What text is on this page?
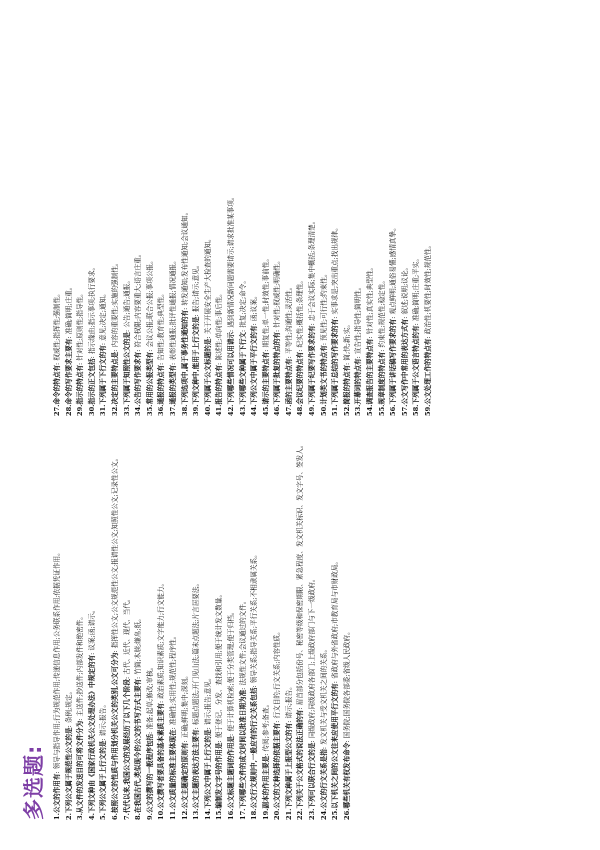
多选题:	1.公文的作用有: 领导与指导作用;行为规范作用;传递信息作用;公务联系作用;依据凭证作用。

2.下列公文属于规范性公文的是: 条例;规定。

3.从文件的发送目的可将文件分为: 主送件;抄送件;内部发件和绝密件。

4.下列文种由《国家行政机关公文处理办法》中规定的有: 议案;函;请示。

5.下列公文属于上行文的是: 请示;报告。

6.按照公文的性质与作用划分机关公文的类别,公文可分为: 指挥性公文;公文规范性公文;报请性公文;知照性公文;记录性公文。

7.代代以来,我国公文的发展经历了以下几个阶段: 古代、近代、现代、当代。

8.在我国古代,类似现今的公文的书写方式主要有: 竹简;木牍;缣帛;纸。

9.公文的撰写的一般程序包括: 准备;起草;修改;审核。

10.公文撰写者要具备的基本素质主要有: 政治素质;知识素质;文字能力;行文能力。

11.公文质量的标准主要体现在: 准确性;实用性;规范性;程序性。

12.公文主题确定的原则有: 正确;鲜明;集中;深刻。

13.公文主题的表达方法主要有: 标题点题法;开门见山法;篇末点题法;片言居要法。

14.下列公文中属于上行文的是: 请示;报告;意见。

15.编制发文字号的作用是: 便于登记、分发、查找和引用;便于统计发文数量。

16.公文标题主题词的作用是: 便于计算机检索;便于分类管理;便于归档。

17.下列哪些文件的成文时间以批准日期为准: 法规性文件;会议通过的文件。

18.公文行文规则中,一般应有的行文关系包括: 领导关系;指导关系;平行关系;不相隶属关系。

19.副本的作用主要是: 传阅;参考;备查。

20.公文的文种选择的依据主要有: 行文目的;行文关系;内容性质。

21.下列文种属于上报型公文的有: 请示;报告。

22.下列关于公文格式的说法正确的有: 眉首部分包括份号、秘密等级和保密期限、紧急程度、发文机关标识、发文字号、签发人。

23.下列可以联合行文的是: 同级政府;同级政府各部门;上级政府部门与下一级政府。

24.公文的行文关系是指: 发文机关与受文机关之间的关系。

25.以下机关之间的公文往来应使用平行文的有: 省政府与外省政府;市教育局与市财政局。

26.哪些机关有权发布命令: 国务院;国务院各部委;省级人民政府。

27.命令的特点有: 权威性;指挥性;强制性。

28.命令的写作要求主要有: 准确;简明;庄重。

29.指示的特点有: 针对性;原则性;指导性。

30.指示的正文包括: 指示缘由;指示事项;执行要求。

31.下列属于下行文的有: 意见;决定;通知。

32.决定的主要特点是: 内容的重要性;实施的强制性。

33.下列属于知照性公文的是: 公告;通告;通报。

34.公告的写作要求有: 符合权限;内容要重大;语言庄重。

35.常用的公报类型有: 会议公报;联合公报;事项公报。

36.通报的特点有: 告知性;教育性;典型性。

37.通报的类型有: 表彰性通报;批评性通报;情况通报。

38.下列选项中,属于事务性通知的有: 转发通知;发布性通知;会议通知。

39.下列文种中,能用于上行文的是: 报告;请示;意见。

40.下列属于公文标题的是: 关于开展安全生产大检查的通知。

41.报告的特点有: 陈述性;单向性;事后性。

42.下列哪些情况可以用请示: 遇到新情况新问题需要请示;请求批准某事项。

43.下列哪些文种属于下行文: 批复;决定;命令。

44.下列公文中属于平行文的有: 函;议案。

45.请示的主要特点有: 期复性;单一性;时效性;事前性。

46.下列属于批复的特点的有: 针对性;权威性;明确性。

47.函的主要特点有: 平等性;沟通性;灵活性。

48.会议纪要的特点有: 纪实性;概括性;条理性。

49.下列属于纪要写作要求的有: 忠于会议实际;集中概括;条理清楚。

50.计划类文书的特点有: 预见性;可行性;约束性。

51.下列属于总结的写作要求的有: 实事求是;突出重点;找出规律。

52.简报的特点有: 简;快;新;实。

53.开幕词的特点有: 宣告性;指导性;简明性。

54.调查报告的主要特点有: 针对性;真实性;典型性。

55.规章制度的特点有: 约束性;规范性;稳定性。

56.下列属于讲话稿写作要求的有: 观点鲜明;通俗易懂;感情真挚。

57.公文写作中常用的表达方式有: 叙述;说明;议论。

58.下列属于公文语言特点的有: 准确;简明;庄重;平实。

59.公文处理工作的特点有: 政治性;机要性;时效性;规范性。
